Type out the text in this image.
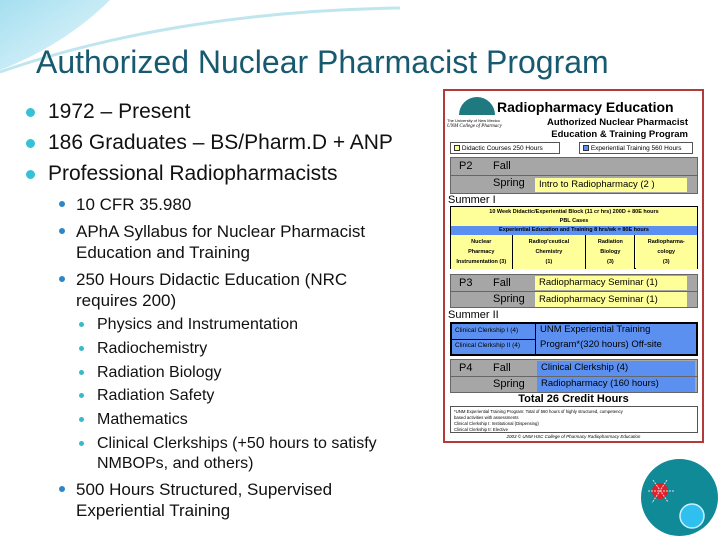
Authorized Nuclear Pharmacist Program
1972 – Present
186 Graduates – BS/Pharm.D + ANP
Professional Radiopharmacists
10 CFR 35.980
APhA Syllabus for Nuclear Pharmacist
Education and Training
250 Hours Didactic Education (NRC
requires 200)
Physics and Instrumentation
Radiochemistry
Radiation Biology
Radiation Safety
Mathematics
Clinical Clerkships (+50 hours to satisfy
NMBOPs, and others)
500 Hours Structured, Supervised
Experiential Training
The University of New Mexico
UNM College of Pharmacy
Radiopharmacy Education
Authorized Nuclear Pharmacist
Education & Training Program
Didactic Courses 250 Hours	Experiential Training 560 Hours
P2 Fall
Spring	Intro to Radiopharmacy (2 )
Summer I
10 Week Didactic/Experiential Block (11 cr hrs) 200D + 80E hours
PBL Cases
Experiential Education and Training 8 hrs/wk = 80E hours
Nuclear
Pharmacy
Instrumentation (3)
Radiop'ceutical
Chemistry
(1)
Radiation
Biology
(3)
Radiopharma-
cology
(3)
P3 Fall
Spring
Radiopharmacy Seminar (1)
Radiopharmacy Seminar (1)
Summer II
Clinical Clerkship I (4)
Clinical Clerkship II (4)
UNM Experiential Training
Program*(320 hours) Off-site
P4 Fall
Spring
Clinical Clerkship (4)
Radiopharmacy (160 hours)
Total 26 Credit Hours
*UNM Experiential Training Program: Total of 560 hours of highly structured, competency
based activities with assessments
Clinical Clerkship I: Institutional (Dispensing)
Clinical Clerkship II: Elective
2003 © UNM HSC College of Pharmacy Radiopharmacy Education
